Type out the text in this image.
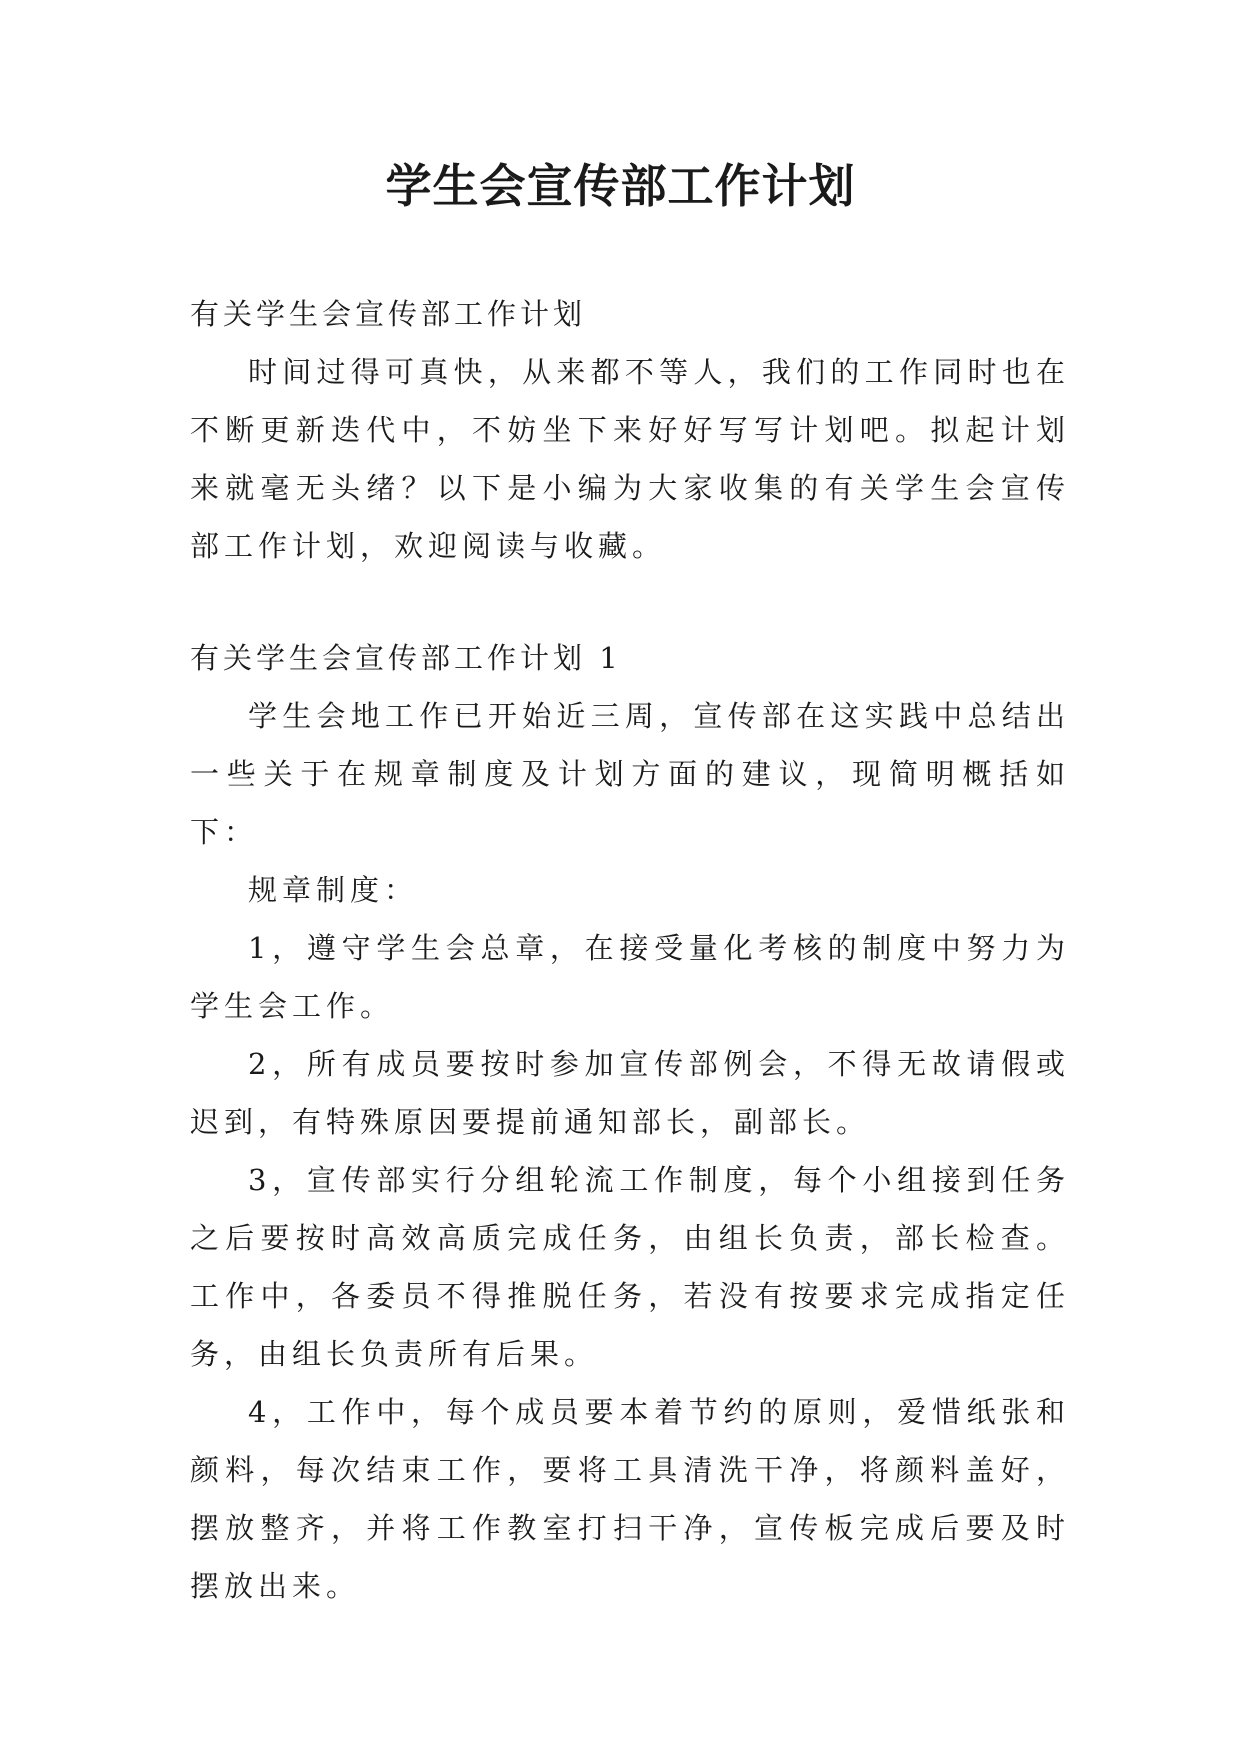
学生会宣传部工作计划

有关学生会宣传部工作计划

时间过得可真快，从来都不等人，我们的工作同时也在不断更新迭代中，不妨坐下来好好写写计划吧。拟起计划来就毫无头绪？以下是小编为大家收集的有关学生会宣传部工作计划，欢迎阅读与收藏。

有关学生会宣传部工作计划 1

学生会地工作已开始近三周，宣传部在这实践中总结出一些关于在规章制度及计划方面的建议，现简明概括如下：

规章制度：

1，遵守学生会总章，在接受量化考核的制度中努力为学生会工作。

2，所有成员要按时参加宣传部例会，不得无故请假或迟到，有特殊原因要提前通知部长，副部长。

3，宣传部实行分组轮流工作制度，每个小组接到任务之后要按时高效高质完成任务，由组长负责，部长检查。工作中，各委员不得推脱任务，若没有按要求完成指定任务，由组长负责所有后果。

4，工作中，每个成员要本着节约的原则，爱惜纸张和颜料，每次结束工作，要将工具清洗干净，将颜料盖好，摆放整齐，并将工作教室打扫干净，宣传板完成后要及时摆放出来。
